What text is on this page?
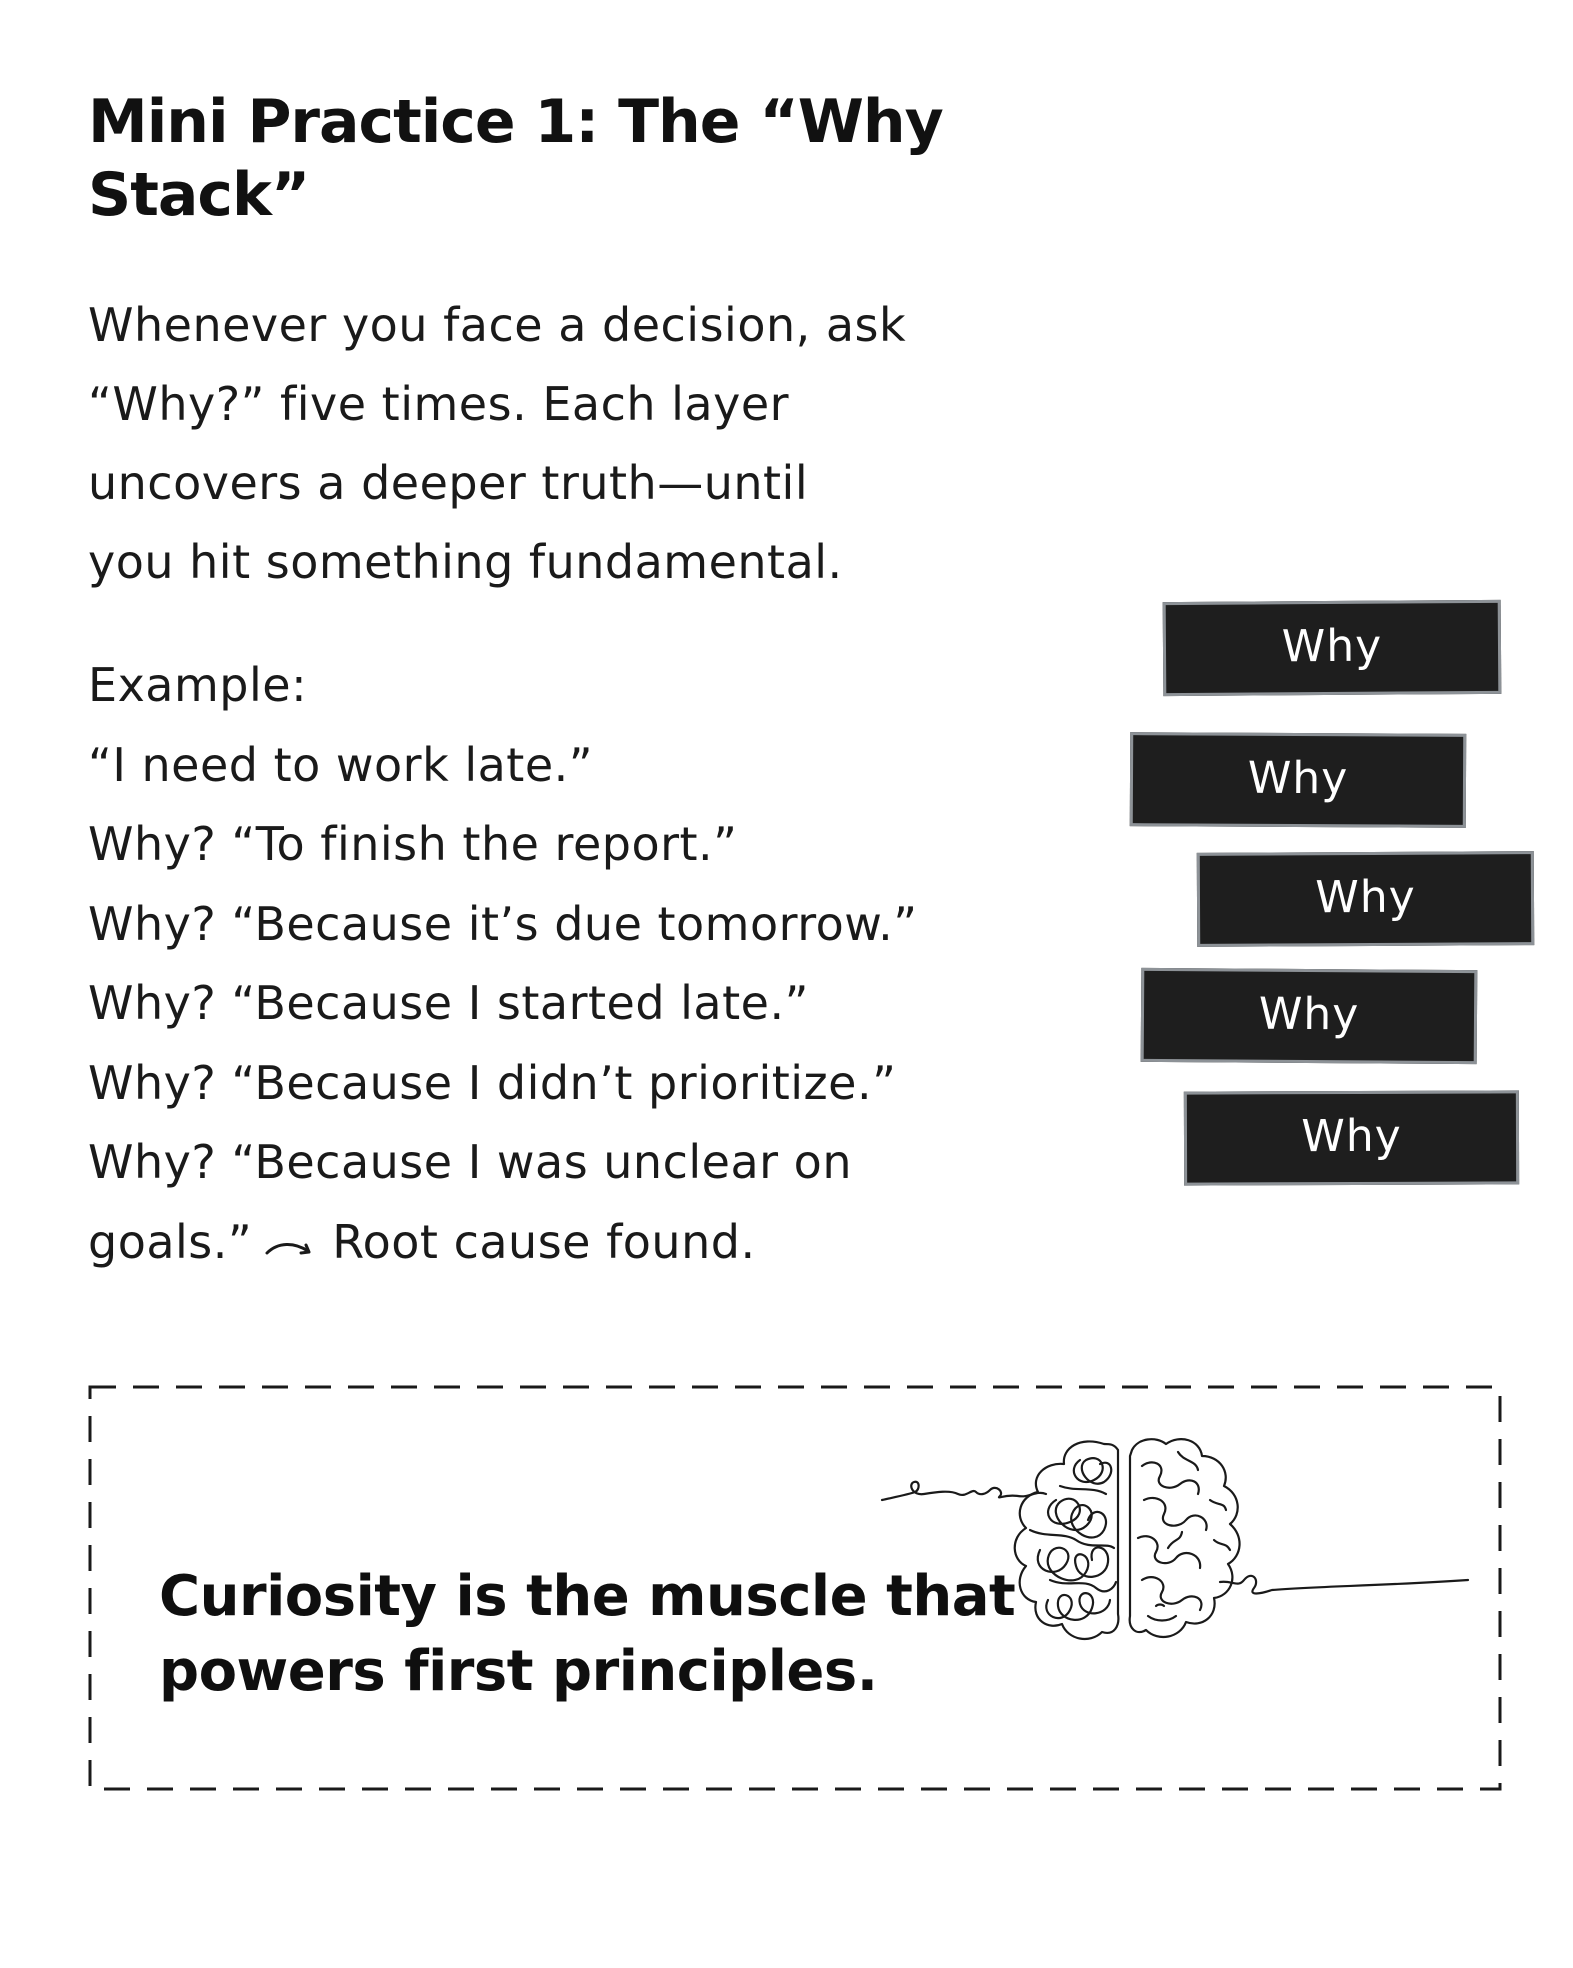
Mini Practice 1: The “Why
Stack”
Whenever you face a decision, ask
“Why?” five times. Each layer
uncovers a deeper truth—until
you hit something fundamental.
Example:
“I need to work late.”
Why? “To finish the report.”
Why? “Because it’s due tomorrow.”
Why? “Because I started late.”
Why? “Because I didn’t prioritize.”
Why? “Because I was unclear on
goals.” Root cause found.
Why
Why
Why
Why
Why

Curiosity is the muscle that
powers first principles.
